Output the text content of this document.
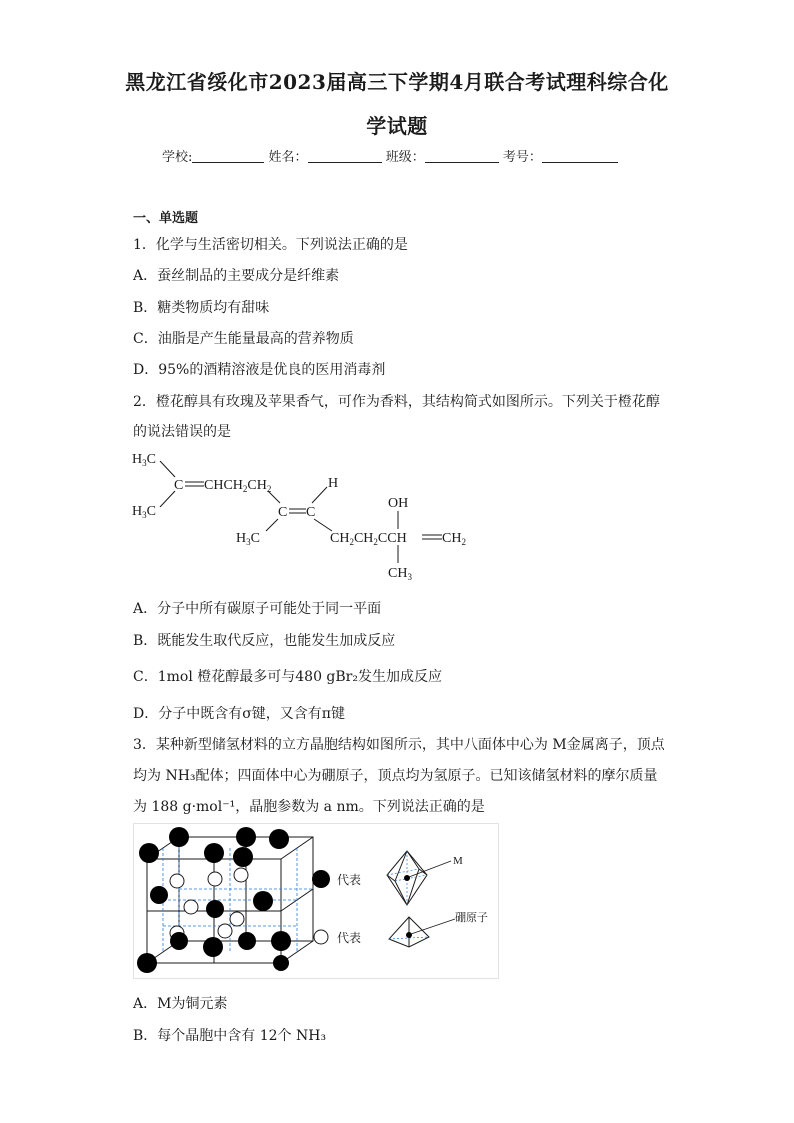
黑龙江省绥化市2023届高三下学期4月联合考试理科综合化
学试题
学校:	姓名：	班级：	考号：
一、单选题
1．化学与生活密切相关。下列说法正确的是
A．蚕丝制品的主要成分是纤维素
B．糖类物质均有甜味
C．油脂是产生能量最高的营养物质
D．95%的酒精溶液是优良的医用消毒剂
2．橙花醇具有玫瑰及苹果香气，可作为香料，其结构简式如图所示。下列关于橙花醇
的说法错误的是
$H_3C$
$H_3C$
C $CHCH_2CH_2$
C C
H
$H_3C$
OH
$CH_2CH_2CCH$	$CH_2$
$CH_3$
A．分子中所有碳原子可能处于同一平面
B．既能发生取代反应，也能发生加成反应
C．1mol 橙花醇最多可与480 gBr₂发生加成反应
D．分子中既含有σ键，又含有π键
3．某种新型储氢材料的立方晶胞结构如图所示，其中八面体中心为 M金属离子，顶点
均为 NH₃配体；四面体中心为硼原子，顶点均为氢原子。已知该储氢材料的摩尔质量
为 188 g·mol⁻¹，晶胞参数为 a nm。下列说法正确的是
代表
代表
M
硼原子
A．M为铜元素
B．每个晶胞中含有 12个 NH₃
